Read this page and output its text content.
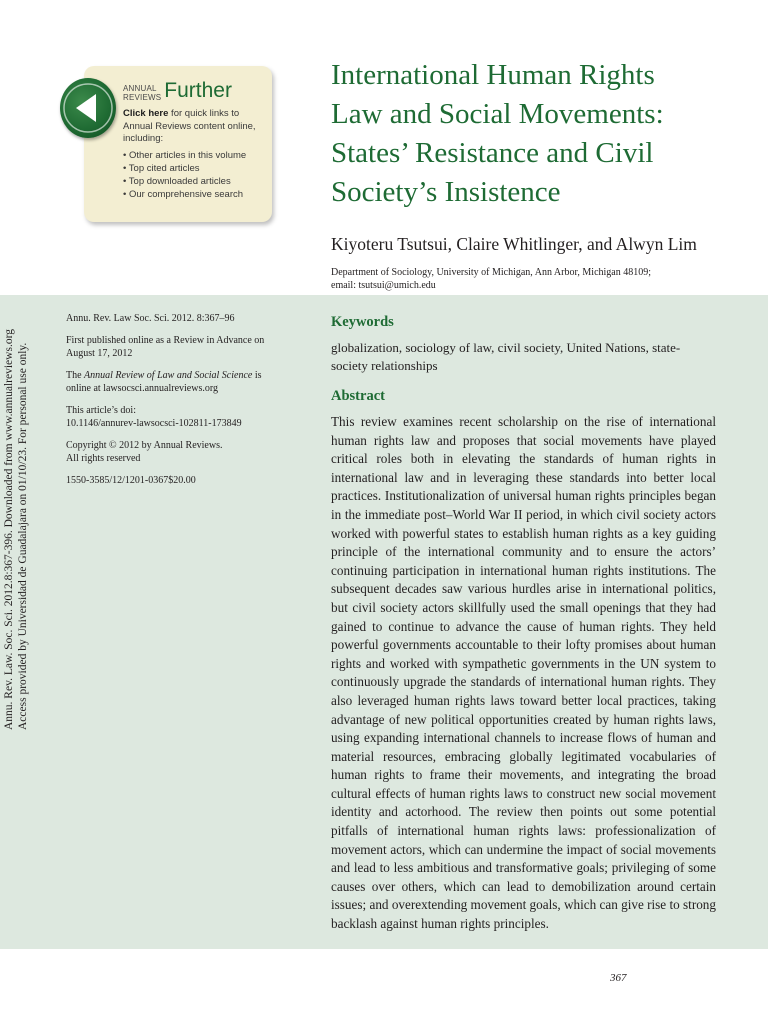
ANNUAL
REVIEWS Further
Click here for quick links to Annual Reviews content online, including:
• Other articles in this volume
• Top cited articles
• Top downloaded articles
• Our comprehensive search
International Human Rights
Law and Social Movements:
States’ Resistance and Civil
Society’s Insistence
Kiyoteru Tsutsui, Claire Whitlinger, and Alwyn Lim
Department of Sociology, University of Michigan, Ann Arbor, Michigan 48109;
email: tsutsui@umich.edu
Annu. Rev. Law. Soc. Sci. 2012.8:367-396. Downloaded from www.annualreviews.org Access provided by Universidad de Guadalajara on 01/10/23. For personal use only.

Annu. Rev. Law Soc. Sci. 2012. 8:367–96

First published online as a Review in Advance on August 17, 2012

The Annual Review of Law and Social Science is online at lawsocsci.annualreviews.org

This article’s doi:
10.1146/annurev-lawsocsci-102811-173849

Copyright © 2012 by Annual Reviews.
All rights reserved

1550-3585/12/1201-0367$20.00

Keywords
globalization, sociology of law, civil society, United Nations, state-society relationships
Abstract
This review examines recent scholarship on the rise of international human rights law and proposes that social movements have played critical roles both in elevating the standards of human rights in international law and in leveraging these standards into better local practices. Institutionalization of universal human rights principles began in the immediate post–World War II period, in which civil society actors worked with powerful states to establish human rights as a key guiding principle of the international community and to ensure the actors’ continuing participation in international human rights institutions. The subsequent decades saw various hurdles arise in international politics, but civil society actors skillfully used the small openings that they had gained to continue to advance the cause of human rights. They held powerful governments accountable to their lofty promises about human rights and worked with sympathetic governments in the UN system to continuously upgrade the standards of international human rights. They also leveraged human rights laws toward better local practices, taking advantage of new political opportunities created by human rights laws, using expanding international channels to increase flows of human and material resources, embracing globally legitimated vocabularies of human rights to frame their movements, and integrating the broad cultural effects of human rights laws to construct new social movement identity and actorhood. The review then points out some potential pitfalls of international human rights laws: professionalization of movement actors, which can undermine the impact of social movements and lead to less ambitious and transformative goals; privileging of some causes over others, which can lead to demobilization around certain issues; and overextending movement goals, which can give rise to strong backlash against human rights principles.
367
